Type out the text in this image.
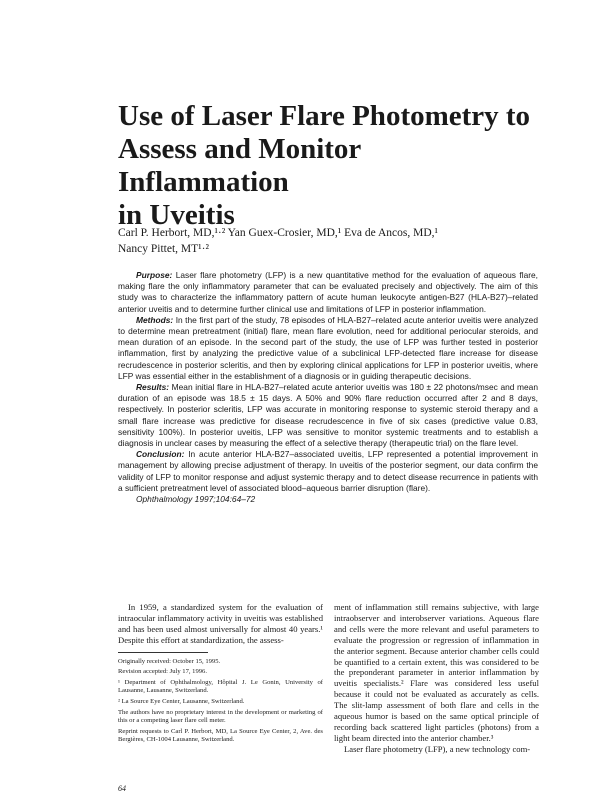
Use of Laser Flare Photometry to
Assess and Monitor Inflammation
in Uveitis
Carl P. Herbort, MD,¹·² Yan Guex-Crosier, MD,¹ Eva de Ancos, MD,¹
Nancy Pittet, MT¹·²

Purpose: Laser flare photometry (LFP) is a new quantitative method for the evaluation of aqueous flare, making flare the only inflammatory parameter that can be evaluated precisely and objectively. The aim of this study was to characterize the inflammatory pattern of acute human leukocyte antigen-B27 (HLA-B27)–related anterior uveitis and to determine further clinical use and limitations of LFP in posterior inflammation.

Methods: In the first part of the study, 78 episodes of HLA-B27–related acute anterior uveitis were analyzed to determine mean pretreatment (initial) flare, mean flare evolution, need for additional periocular steroids, and mean duration of an episode. In the second part of the study, the use of LFP was further tested in posterior inflammation, first by analyzing the predictive value of a subclinical LFP-detected flare increase for disease recrudescence in posterior scleritis, and then by exploring clinical applications for LFP in posterior uveitis, where LFP was essential either in the establishment of a diagnosis or in guiding therapeutic decisions.

Results: Mean initial flare in HLA-B27–related acute anterior uveitis was 180 ± 22 photons/msec and mean duration of an episode was 18.5 ± 15 days. A 50% and 90% flare reduction occurred after 2 and 8 days, respectively. In posterior scleritis, LFP was accurate in monitoring response to systemic steroid therapy and a small flare increase was predictive for disease recrudescence in five of six cases (predictive value 0.83, sensitivity 100%). In posterior uveitis, LFP was sensitive to monitor systemic treatments and to establish a diagnosis in unclear cases by measuring the effect of a selective therapy (therapeutic trial) on the flare level.

Conclusion: In acute anterior HLA-B27–associated uveitis, LFP represented a potential improvement in management by allowing precise adjustment of therapy. In uveitis of the posterior segment, our data confirm the validity of LFP to monitor response and adjust systemic therapy and to detect disease recurrence in patients with a sufficient pretreatment level of associated blood–aqueous barrier disruption (flare).

Ophthalmology 1997;104:64–72

In 1959, a standardized system for the evaluation of intraocular inflammatory activity in uveitis was established and has been used almost universally for almost 40 years.¹ Despite this effort at standardization, the assess-

Originally received: October 15, 1995.

Revision accepted: July 17, 1996.

¹ Department of Ophthalmology, Hôpital J. Le Gonin, University of Lausanne, Lausanne, Switzerland.

² La Source Eye Center, Lausanne, Switzerland.

The authors have no proprietary interest in the development or marketing of this or a competing laser flare cell meter.

Reprint requests to Carl P. Herbort, MD, La Source Eye Center, 2, Ave. des Bergières, CH-1004 Lausanne, Switzerland.

ment of inflammation still remains subjective, with large intraobserver and interobserver variations. Aqueous flare and cells were the more relevant and useful parameters to evaluate the progression or regression of inflammation in the anterior segment. Because anterior chamber cells could be quantified to a certain extent, this was considered to be the preponderant parameter in anterior inflammation by uveitis specialists.² Flare was considered less useful because it could not be evaluated as accurately as cells. The slit-lamp assessment of both flare and cells in the aqueous humor is based on the same optical principle of recording back scattered light particles (photons) from a light beam directed into the anterior chamber.³

Laser flare photometry (LFP), a new technology com-

64
